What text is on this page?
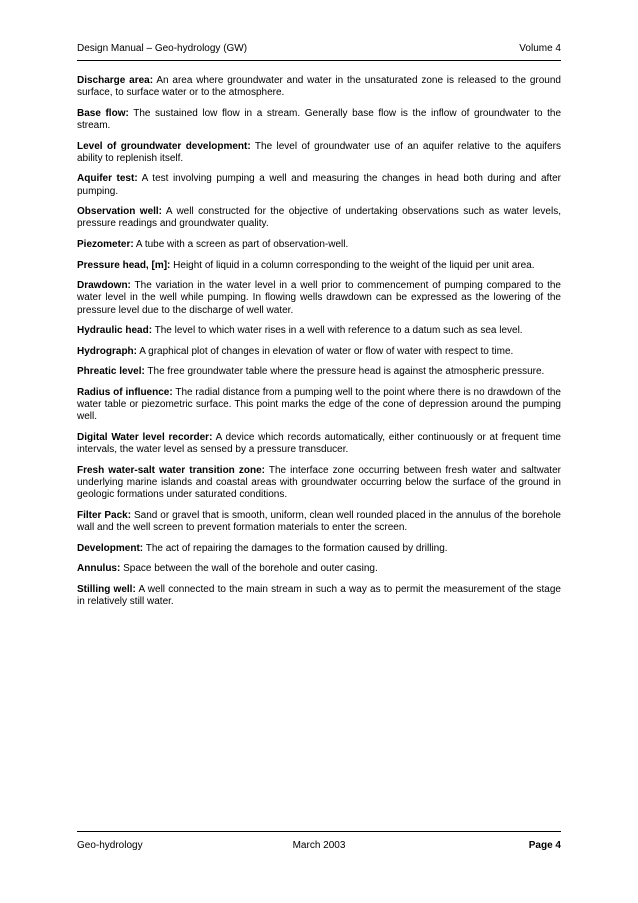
Design Manual – Geo-hydrology (GW)	Volume 4

Discharge area: An area where groundwater and water in the unsaturated zone is released to the ground surface, to surface water or to the atmosphere.

Base flow: The sustained low flow in a stream. Generally base flow is the inflow of groundwater to the stream.

Level of groundwater development: The level of groundwater use of an aquifer relative to the aquifers ability to replenish itself.

Aquifer test: A test involving pumping a well and measuring the changes in head both during and after pumping.

Observation well: A well constructed for the objective of undertaking observations such as water levels, pressure readings and groundwater quality.

Piezometer: A tube with a screen as part of observation-well.

Pressure head, [m]: Height of liquid in a column corresponding to the weight of the liquid per unit area.

Drawdown: The variation in the water level in a well prior to commencement of pumping compared to the water level in the well while pumping. In flowing wells drawdown can be expressed as the lowering of the pressure level due to the discharge of well water.

Hydraulic head: The level to which water rises in a well with reference to a datum such as sea level.

Hydrograph: A graphical plot of changes in elevation of water or flow of water with respect to time.

Phreatic level: The free groundwater table where the pressure head is against the atmospheric pressure.

Radius of influence: The radial distance from a pumping well to the point where there is no drawdown of the water table or piezometric surface. This point marks the edge of the cone of depression around the pumping well.

Digital Water level recorder: A device which records automatically, either continuously or at frequent time intervals, the water level as sensed by a pressure transducer.

Fresh water-salt water transition zone: The interface zone occurring between fresh water and saltwater underlying marine islands and coastal areas with groundwater occurring below the surface of the ground in geologic formations under saturated conditions.

Filter Pack: Sand or gravel that is smooth, uniform, clean well rounded placed in the annulus of the borehole wall and the well screen to prevent formation materials to enter the screen.

Development: The act of repairing the damages to the formation caused by drilling.

Annulus: Space between the wall of the borehole and outer casing.

Stilling well: A well connected to the main stream in such a way as to permit the measurement of the stage in relatively still water.

Geo-hydrology	March 2003	Page 4
